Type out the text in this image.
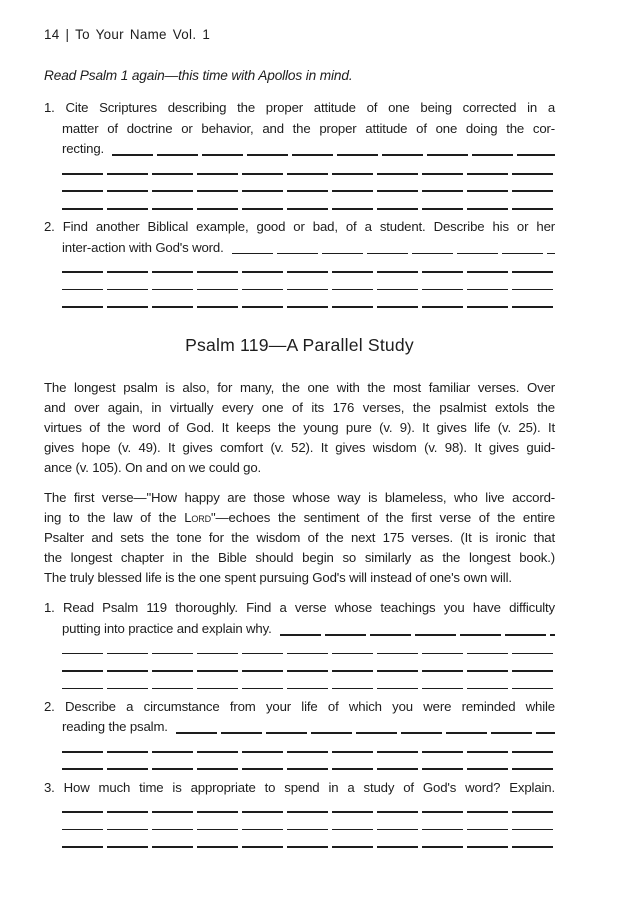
14 | To Your Name Vol. 1
Read Psalm 1 again—this time with Apollos in mind.
1. Cite Scriptures describing the proper attitude of one being corrected in a
matter of doctrine or behavior, and the proper attitude of one doing the cor-
recting.
2. Find another Biblical example, good or bad, of a student. Describe his or her
inter-action with God's word.
Psalm 119—A Parallel Study
The longest psalm is also, for many, the one with the most familiar verses. Over
and over again, in virtually every one of its 176 verses, the psalmist extols the
virtues of the word of God. It keeps the young pure (v. 9). It gives life (v. 25). It
gives hope (v. 49). It gives comfort (v. 52). It gives wisdom (v. 98). It gives guid-
ance (v. 105). On and on we could go.
The first verse—"How happy are those whose way is blameless, who live accord-
ing to the law of the Lord"—echoes the sentiment of the first verse of the entire
Psalter and sets the tone for the wisdom of the next 175 verses. (It is ironic that
the longest chapter in the Bible should begin so similarly as the longest book.)
The truly blessed life is the one spent pursuing God's will instead of one's own will.
1. Read Psalm 119 thoroughly. Find a verse whose teachings you have difficulty
putting into practice and explain why.
2. Describe a circumstance from your life of which you were reminded while
reading the psalm.
3. How much time is appropriate to spend in a study of God's word? Explain.
